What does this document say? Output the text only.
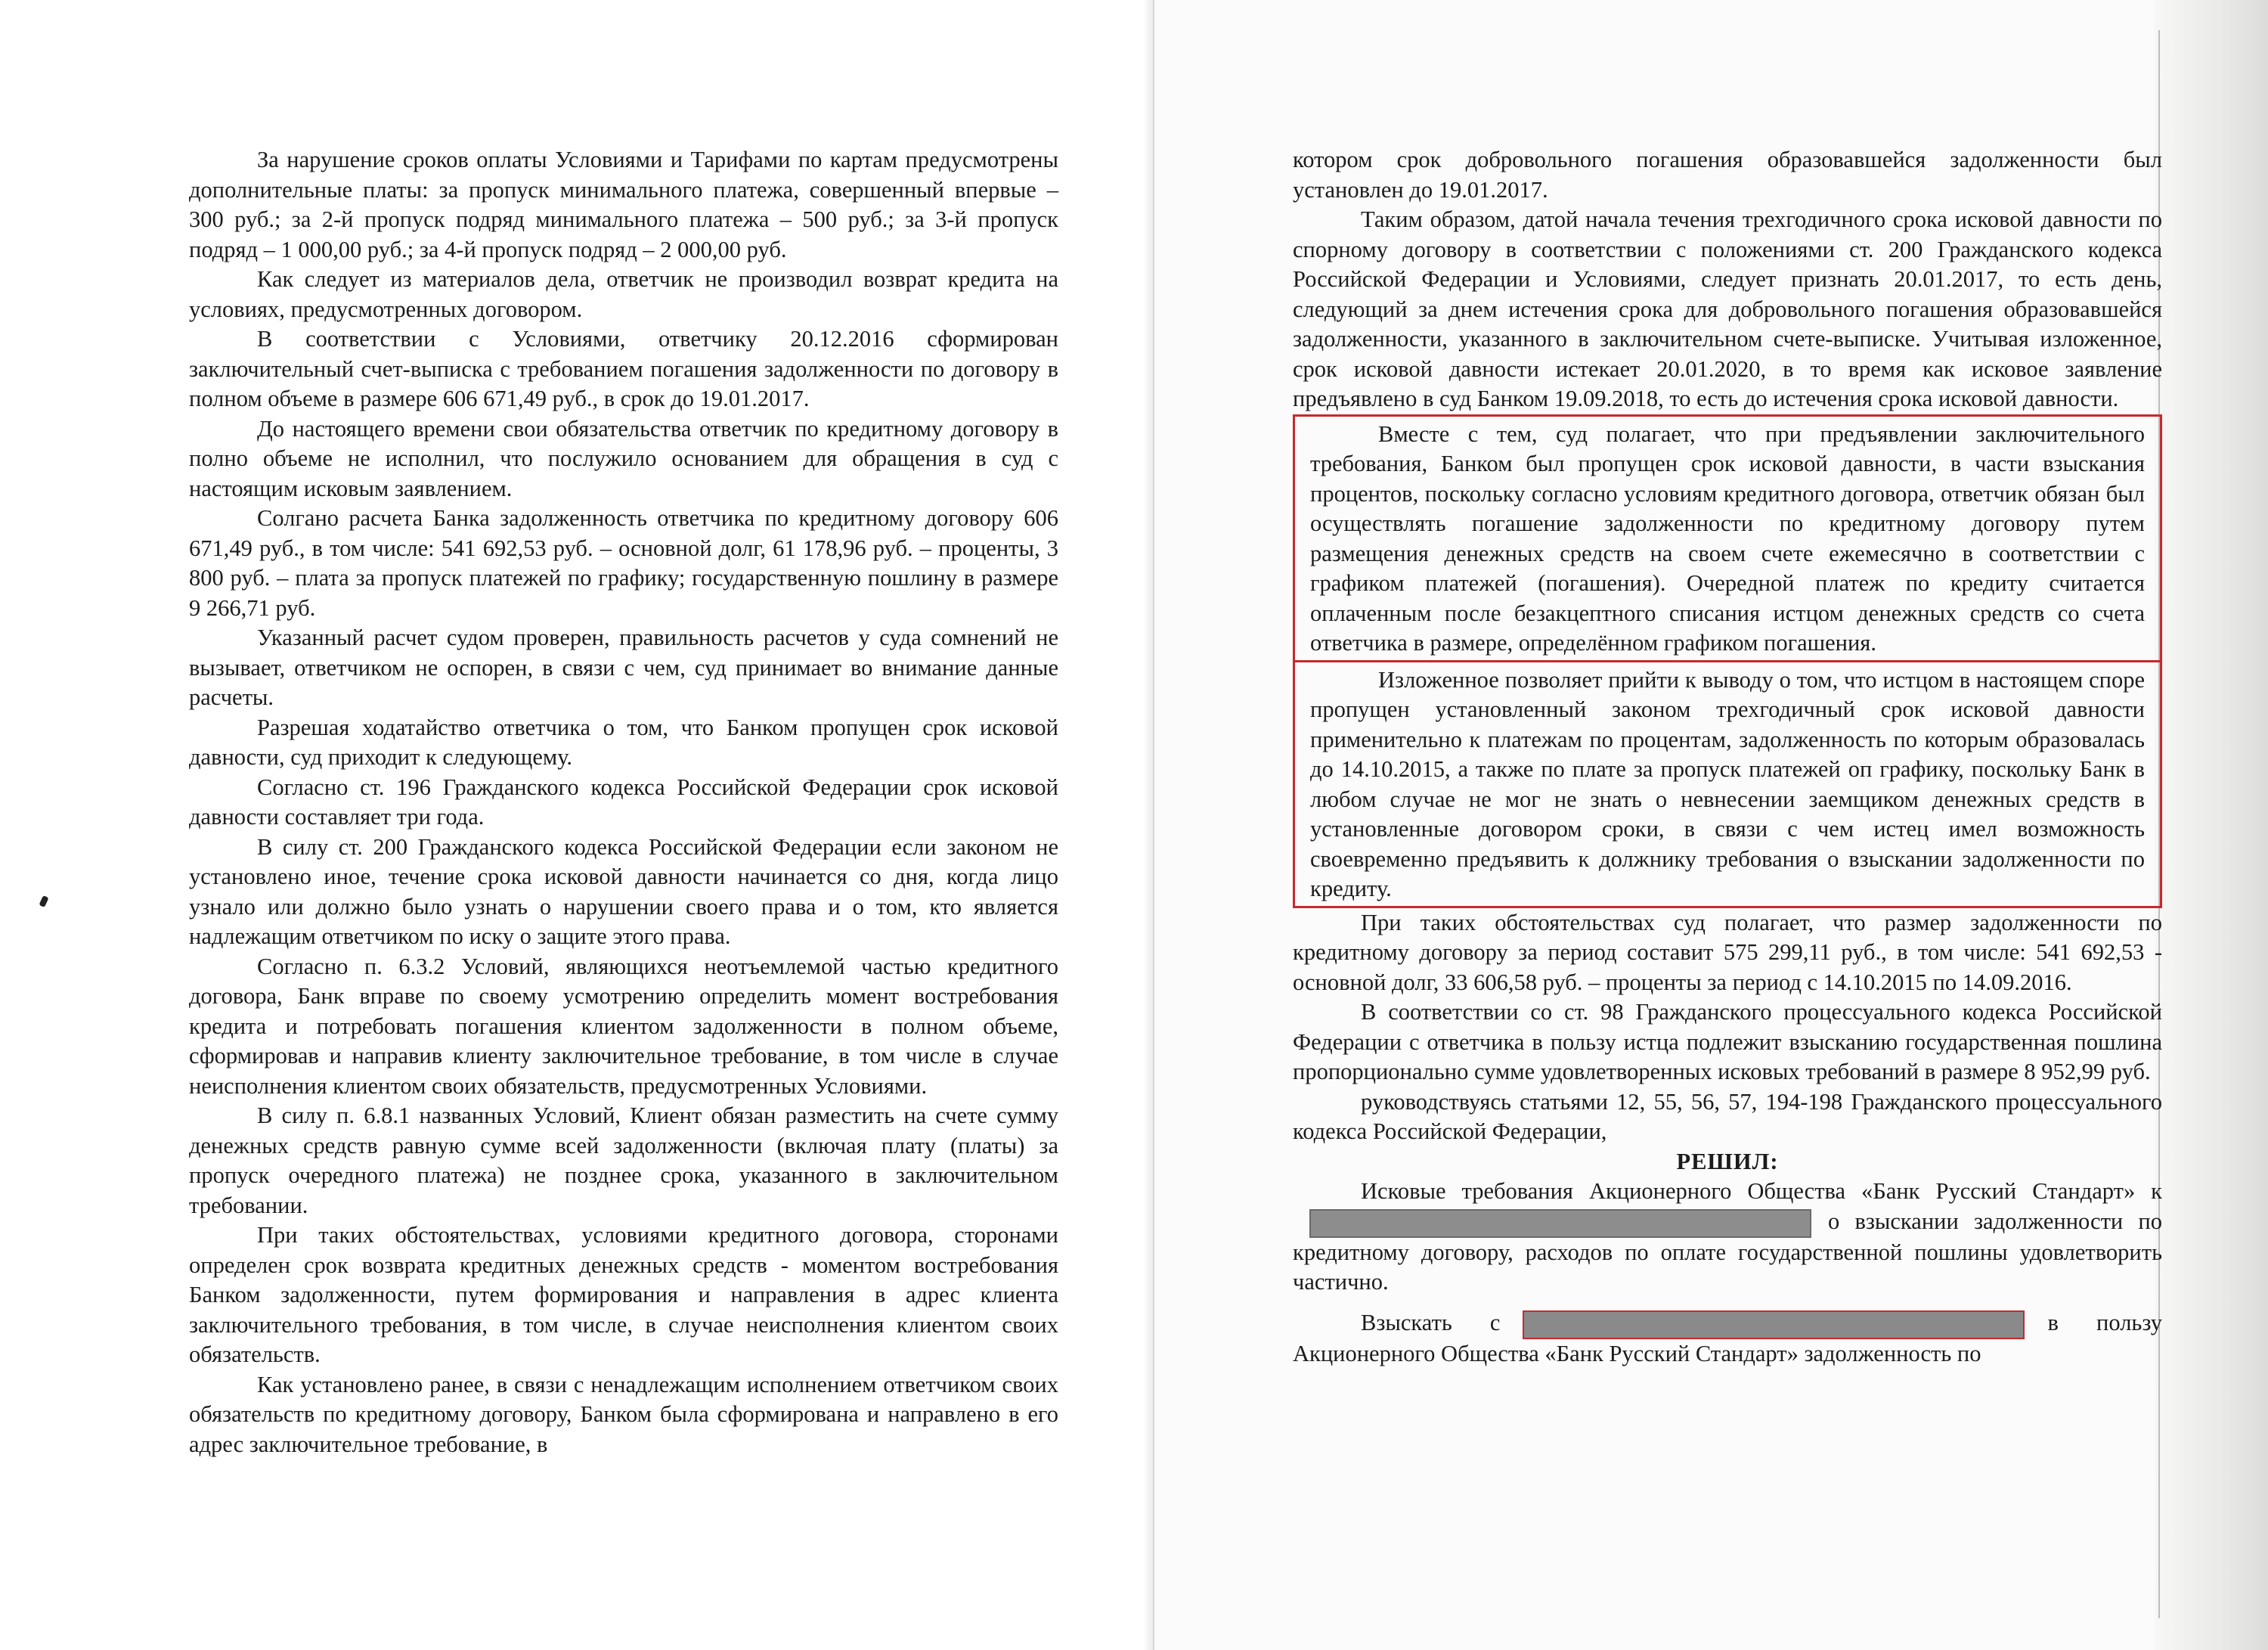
За нарушение сроков оплаты Условиями и Тарифами по картам предусмотрены дополнительные платы: за пропуск минимального платежа, совершенный впервые – 300 руб.; за 2-й пропуск подряд минимального платежа – 500 руб.; за 3-й пропуск подряд – 1 000,00 руб.; за 4-й пропуск подряд – 2 000,00 руб.

Как следует из материалов дела, ответчик не производил возврат кредита на условиях, предусмотренных договором.

В соответствии с Условиями, ответчику 20.12.2016 сформирован заключительный счет-выписка с требованием погашения задолженности по договору в полном объеме в размере 606 671,49 руб., в срок до 19.01.2017.

До настоящего времени свои обязательства ответчик по кредитному договору в полно объеме не исполнил, что послужило основанием для обращения в суд с настоящим исковым заявлением.

Солгано расчета Банка задолженность ответчика по кредитному договору 606 671,49 руб., в том числе: 541 692,53 руб. – основной долг, 61 178,96 руб. – проценты, 3 800 руб. – плата за пропуск платежей по графику; государственную пошлину в размере 9 266,71 руб.

Указанный расчет судом проверен, правильность расчетов у суда сомнений не вызывает, ответчиком не оспорен, в связи с чем, суд принимает во внимание данные расчеты.

Разрешая ходатайство ответчика о том, что Банком пропущен срок исковой давности, суд приходит к следующему.

Согласно ст. 196 Гражданского кодекса Российской Федерации срок исковой давности составляет три года.

В силу ст. 200 Гражданского кодекса Российской Федерации если законом не установлено иное, течение срока исковой давности начинается со дня, когда лицо узнало или должно было узнать о нарушении своего права и о том, кто является надлежащим ответчиком по иску о защите этого права.

Согласно п. 6.3.2 Условий, являющихся неотъемлемой частью кредитного договора, Банк вправе по своему усмотрению определить момент востребования кредита и потребовать погашения клиентом задолженности в полном объеме, сформировав и направив клиенту заключительное требование, в том числе в случае неисполнения клиентом своих обязательств, предусмотренных Условиями.

В силу п. 6.8.1 названных Условий, Клиент обязан разместить на счете сумму денежных средств равную сумме всей задолженности (включая плату (платы) за пропуск очередного платежа) не позднее срока, указанного в заключительном требовании.

При таких обстоятельствах, условиями кредитного договора, сторонами определен срок возврата кредитных денежных средств - моментом востребования Банком задолженности, путем формирования и направления в адрес клиента заключительного требования, в том числе, в случае неисполнения клиентом своих обязательств.

Как установлено ранее, в связи с ненадлежащим исполнением ответчиком своих обязательств по кредитному договору, Банком была сформирована и направлено в его адрес заключительное требование, в

котором срок добровольного погашения образовавшейся задолженности был установлен до 19.01.2017.

Таким образом, датой начала течения трехгодичного срока исковой давности по спорному договору в соответствии с положениями ст. 200 Гражданского кодекса Российской Федерации и Условиями, следует признать 20.01.2017, то есть день, следующий за днем истечения срока для добровольного погашения образовавшейся задолженности, указанного в заключительном счете-выписке. Учитывая изложенное, срок исковой давности истекает 20.01.2020, в то время как исковое заявление предъявлено в суд Банком 19.09.2018, то есть до истечения срока исковой давности.

Вместе с тем, суд полагает, что при предъявлении заключительного требования, Банком был пропущен срок исковой давности, в части взыскания процентов, поскольку согласно условиям кредитного договора, ответчик обязан был осуществлять погашение задолженности по кредитному договору путем размещения денежных средств на своем счете ежемесячно в соответствии с графиком платежей (погашения). Очередной платеж по кредиту считается оплаченным после безакцептного списания истцом денежных средств со счета ответчика в размере, определённом графиком погашения.

Изложенное позволяет прийти к выводу о том, что истцом в настоящем споре пропущен установленный законом трехгодичный срок исковой давности применительно к платежам по процентам, задолженность по которым образовалась до 14.10.2015, а также по плате за пропуск платежей оп графику, поскольку Банк в любом случае не мог не знать о невнесении заемщиком денежных средств в установленные договором сроки, в связи с чем истец имел возможность своевременно предъявить к должнику требования о взыскании задолженности по кредиту.

При таких обстоятельствах суд полагает, что размер задолженности по кредитному договору за период составит 575 299,11 руб., в том числе: 541 692,53 - основной долг, 33 606,58 руб. – проценты за период с 14.10.2015 по 14.09.2016.

В соответствии со ст. 98 Гражданского процессуального кодекса Российской Федерации с ответчика в пользу истца подлежит взысканию государственная пошлина пропорционально сумме удовлетворенных исковых требований в размере 8 952,99 руб.

руководствуясь статьями 12, 55, 56, 57, 194-198 Гражданского процессуального кодекса Российской Федерации,

РЕШИЛ:

Исковые требования Акционерного Общества «Банк Русский Стандарт» ко взыскании задолженности по кредитному договору, расходов по оплате государственной пошлины удовлетворить частично.

Взыскать с	в пользу Акционерного Общества «Банк Русский Стандарт» задолженность по
